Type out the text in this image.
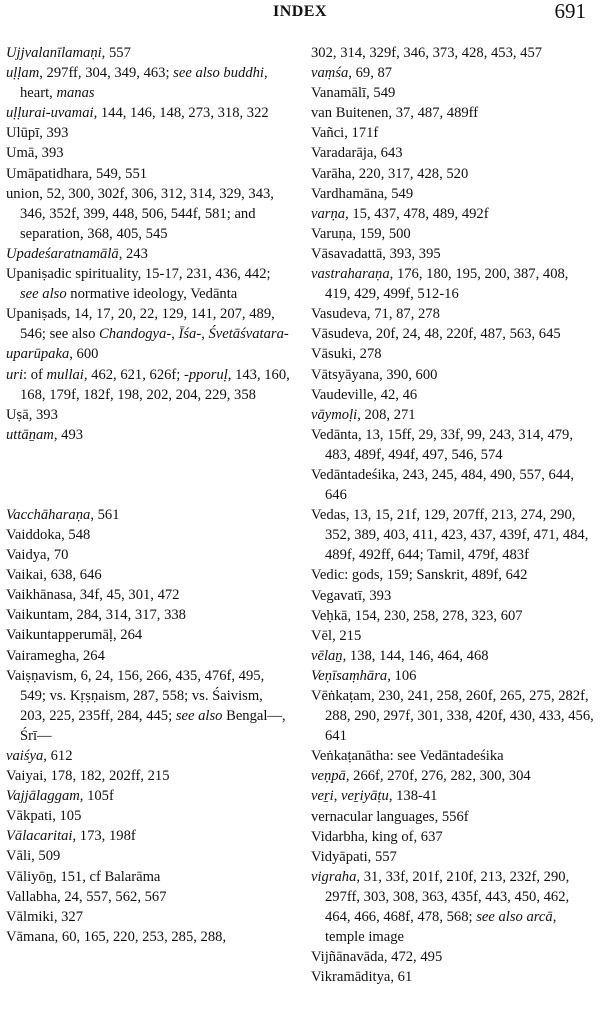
INDEX	691

Ujjvalanīlamaṇi, 557

uḷḷam, 297ff, 304, 349, 463; see also buddhi, heart, manas

uḷḷurai-uvamai, 144, 146, 148, 273, 318, 322

Ulūpī, 393

Umā, 393

Umāpatidhara, 549, 551

union, 52, 300, 302f, 306, 312, 314, 329, 343, 346, 352f, 399, 448, 506, 544f, 581; and separation, 368, 405, 545

Upadeśaratnamālā, 243

Upaniṣadic spirituality, 15-17, 231, 436, 442; see also normative ideology, Vedānta

Upaniṣads, 14, 17, 20, 22, 129, 141, 207, 489, 546; see also Chandogya-, Īśa-, Śvetāśvatara-

uparūpaka, 600

uri: of mullai, 462, 621, 626f; -pporuḷ, 143, 160, 168, 179f, 182f, 198, 202, 204, 229, 358

Uṣā, 393

uttāṉam, 493

Vacchāharaṇa, 561

Vaiddoka, 548

Vaidya, 70

Vaikai, 638, 646

Vaikhānasa, 34f, 45, 301, 472

Vaikuntam, 284, 314, 317, 338

Vaikuntapperumāḷ, 264

Vairamegha, 264

Vaiṣṇavism, 6, 24, 156, 266, 435, 476f, 495, 549; vs. Kṛṣṇaism, 287, 558; vs. Śaivism, 203, 225, 235ff, 284, 445; see also Bengal—, Śrī—

vaiśya, 612

Vaiyai, 178, 182, 202ff, 215

Vajjālaggam, 105f

Vākpati, 105

Vālacaritai, 173, 198f

Vāli, 509

Vāliyōṉ, 151, cf Balarāma

Vallabha, 24, 557, 562, 567

Vālmiki, 327

Vāmana, 60, 165, 220, 253, 285, 288,

302, 314, 329f, 346, 373, 428, 453, 457

vaṃśa, 69, 87

Vanamālī, 549

van Buitenen, 37, 487, 489ff

Vañci, 171f

Varadarāja, 643

Varāha, 220, 317, 428, 520

Vardhamāna, 549

varṇa, 15, 437, 478, 489, 492f

Varuṇa, 159, 500

Vāsavadattā, 393, 395

vastraharaṇa, 176, 180, 195, 200, 387, 408, 419, 429, 499f, 512-16

Vasudeva, 71, 87, 278

Vāsudeva, 20f, 24, 48, 220f, 487, 563, 645

Vāsuki, 278

Vātsyāyana, 390, 600

Vaudeville, 42, 46

vāymoḷi, 208, 271

Vedānta, 13, 15ff, 29, 33f, 99, 243, 314, 479, 483, 489f, 494f, 497, 546, 574

Vedāntadeśika, 243, 245, 484, 490, 557, 644, 646

Vedas, 13, 15, 21f, 129, 207ff, 213, 274, 290, 352, 389, 403, 411, 423, 437, 439f, 471, 484, 489f, 492ff, 644; Tamil, 479f, 483f

Vedic: gods, 159; Sanskrit, 489f, 642

Vegavatī, 393

Veḥkā, 154, 230, 258, 278, 323, 607

Vēl, 215

vēlaṉ, 138, 144, 146, 464, 468

Veṇīsaṃhāra, 106

Vēṅkaṭam, 230, 241, 258, 260f, 265, 275, 282f, 288, 290, 297f, 301, 338, 420f, 430, 433, 456, 641

Veṅkaṭanātha: see Vedāntadeśika

veṇpā, 266f, 270f, 276, 282, 300, 304

veṟi, veṟiyāṭu, 138-41

vernacular languages, 556f

Vidarbha, king of, 637

Vidyāpati, 557

vigraha, 31, 33f, 201f, 210f, 213, 232f, 290, 297ff, 303, 308, 363, 435f, 443, 450, 462, 464, 466, 468f, 478, 568; see also arcā, temple image

Vijñānavāda, 472, 495

Vikramāditya, 61
